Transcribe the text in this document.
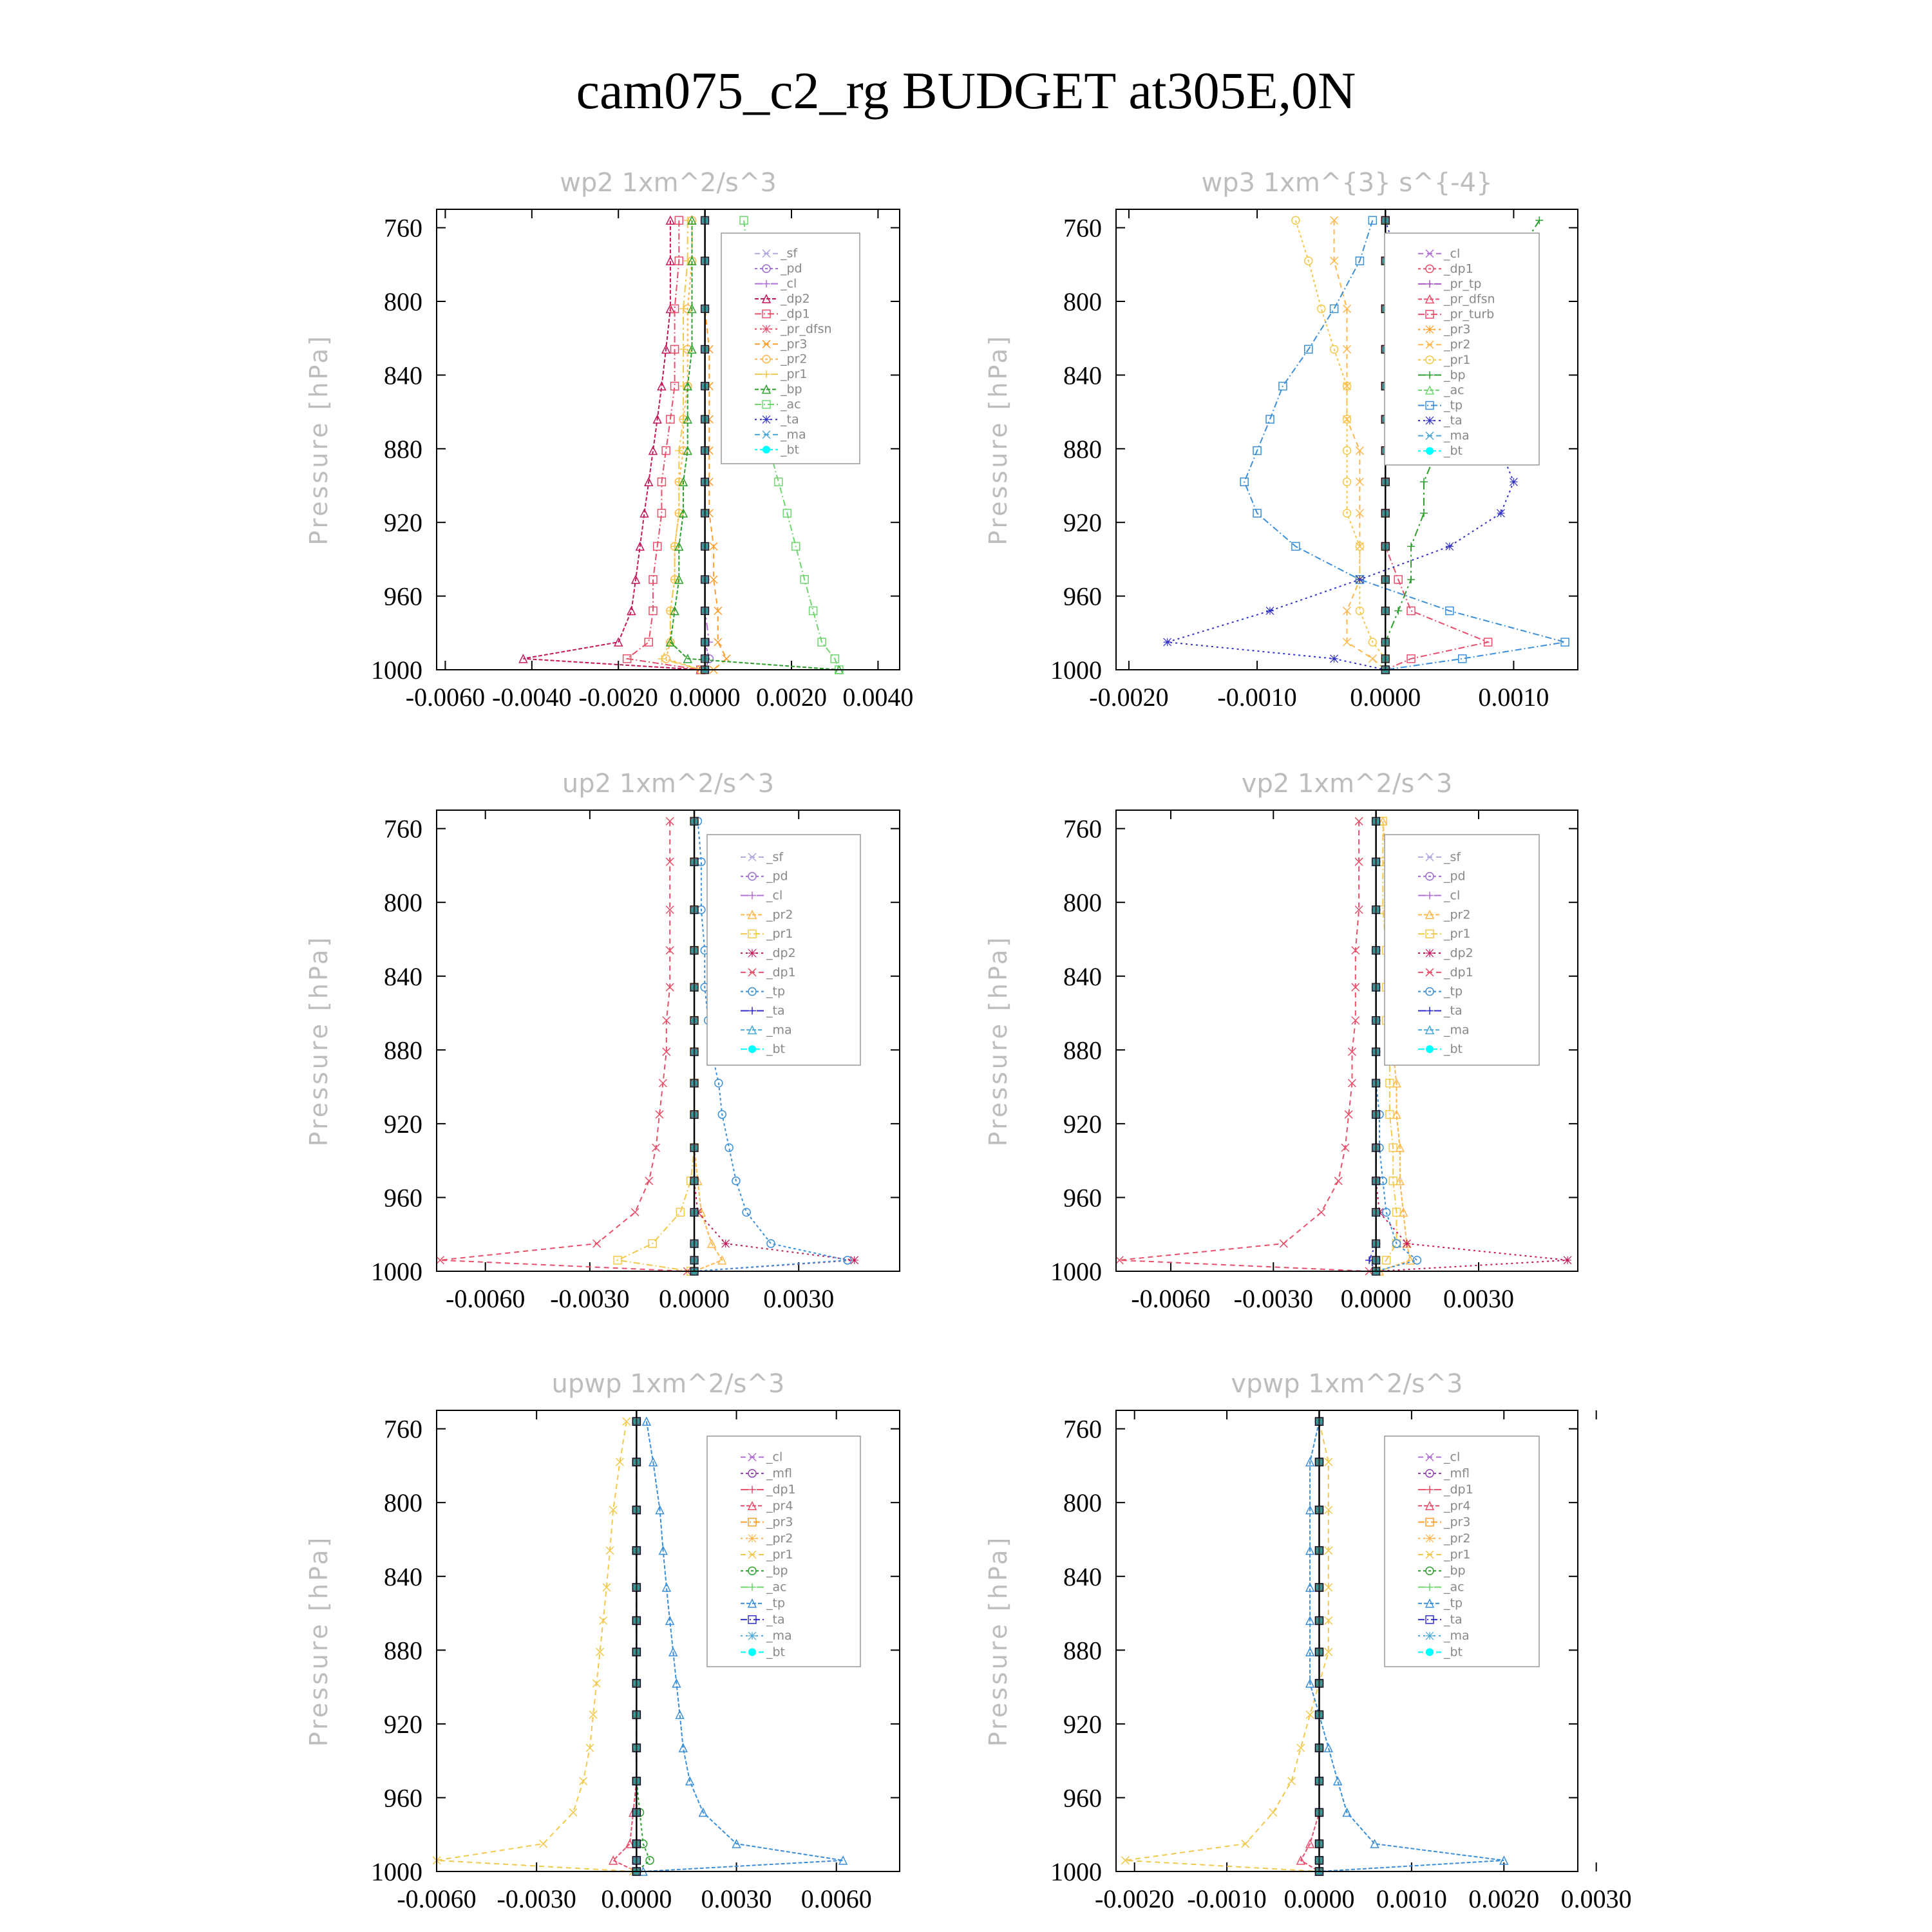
cam075_c2_rg BUDGET at305E,0N
wp2 1xm^2/s^3
Pressure [hPa]
760
800
840
880
920
960
1000
-0.0060 -0.0040 -0.0020 0.0000 0.0020 0.0040
_sf
_pd
_cl
_dp2
_dp1
_pr_dfsn
_pr3
_pr2
_pr1
_bp
_ac
_ta
_ma
_bt
wp3 1xm^{3} s^{-4}
Pressure [hPa]
760
800
840
880
920
960
1000
-0.0020 -0.0010 0.0000 0.0010
_cl
_dp1
_pr_tp
_pr_dfsn
_pr_turb
_pr3
_pr2
_pr1
_bp
_ac
_tp
_ta
_ma
_bt
up2 1xm^2/s^3
Pressure [hPa]
760
800
840
880
920
960
1000
-0.0060 -0.0030 0.0000 0.0030
_sf
_pd
_cl
_pr2
_pr1
_dp2
_dp1
_tp
_ta
_ma
_bt
vp2 1xm^2/s^3
Pressure [hPa]
760
800
840
880
920
960
1000
-0.0060 -0.0030 0.0000 0.0030
_sf
_pd
_cl
_pr2
_pr1
_dp2
_dp1
_tp
_ta
_ma
_bt
upwp 1xm^2/s^3
Pressure [hPa]
760
800
840
880
920
960
1000
-0.0060 -0.0030 0.0000 0.0030 0.0060
_cl
_mfl
_dp1
_pr4
_pr3
_pr2
_pr1
_bp
_ac
_tp
_ta
_ma
_bt
vpwp 1xm^2/s^3
Pressure [hPa]
760
800
840
880
920
960
1000
-0.0020 -0.0010 0.0000 0.0010 0.0020 0.0030
_cl
_mfl
_dp1
_pr4
_pr3
_pr2
_pr1
_bp
_ac
_tp
_ta
_ma
_bt
